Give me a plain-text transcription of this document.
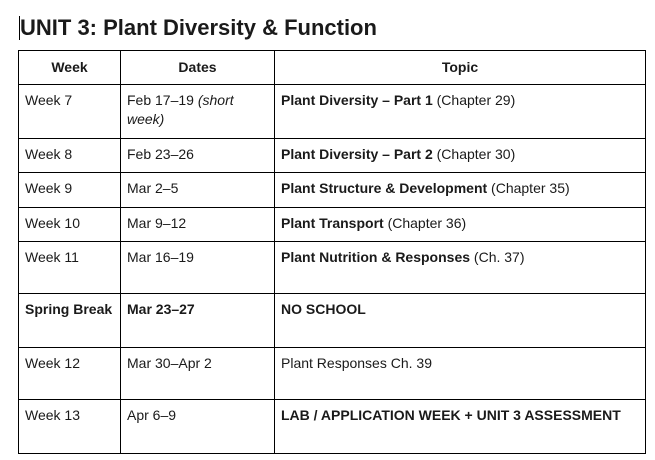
UNIT 3: Plant Diversity & Function
Week	Dates	Topic
Week 7	Feb 17–19 (short week)	Plant Diversity – Part 1 (Chapter 29)
Week 8	Feb 23–26	Plant Diversity – Part 2 (Chapter 30)
Week 9	Mar 2–5	Plant Structure & Development (Chapter 35)
Week 10	Mar 9–12	Plant Transport (Chapter 36)
Week 11	Mar 16–19	Plant Nutrition & Responses (Ch. 37)
Spring Break	Mar 23–27	NO SCHOOL
Week 12	Mar 30–Apr 2	Plant Responses Ch. 39
Week 13	Apr 6–9	LAB / APPLICATION WEEK + UNIT 3 ASSESSMENT
